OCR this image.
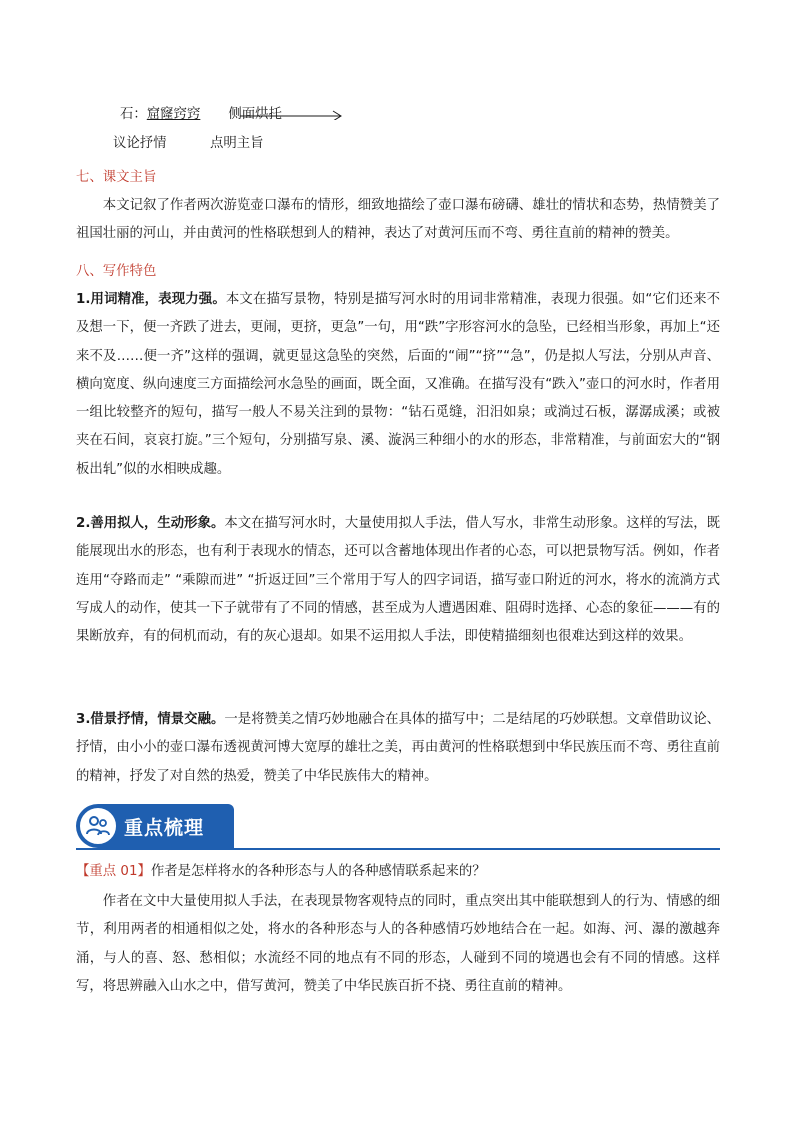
石：窟窿窍窍 侧面烘托
议论抒情	点明主旨
七、课文主旨

本文记叙了作者两次游览壶口瀑布的情形，细致地描绘了壶口瀑布磅礴、雄壮的情状和态势，热情赞美了祖国壮丽的河山，并由黄河的性格联想到人的精神，表达了对黄河压而不弯、勇往直前的精神的赞美。

八、写作特色

1.用词精准，表现力强。本文在描写景物，特别是描写河水时的用词非常精准，表现力很强。如“它们还来不及想一下，便一齐跌了进去，更闹，更挤，更急”一句，用“跌”字形容河水的急坠，已经相当形象，再加上“还来不及……便一齐”这样的强调，就更显这急坠的突然，后面的“闹”“挤”“急”，仍是拟人写法，分别从声音、横向宽度、纵向速度三方面描绘河水急坠的画面，既全面，又准确。在描写没有“跌入”壶口的河水时，作者用一组比较整齐的短句，描写一般人不易关注到的景物：“钻石觅缝，汨汨如泉；或淌过石板，潺潺成溪；或被夹在石间，哀哀打旋。”三个短句，分别描写泉、溪、漩涡三种细小的水的形态，非常精准，与前面宏大的“钢板出轧”似的水相映成趣。

2.善用拟人，生动形象。本文在描写河水时，大量使用拟人手法，借人写水，非常生动形象。这样的写法，既能展现出水的形态，也有利于表现水的情态，还可以含蓄地体现出作者的心态，可以把景物写活。例如，作者连用“夺路而走” “乘隙而进” “折返迂回”三个常用于写人的四字词语，描写壶口附近的河水，将水的流淌方式写成人的动作，使其一下子就带有了不同的情感，甚至成为人遭遇困难、阻碍时选择、心态的象征———有的果断放弃，有的伺机而动，有的灰心退却。如果不运用拟人手法，即使精描细刻也很难达到这样的效果。

3.借景抒情，情景交融。一是将赞美之情巧妙地融合在具体的描写中；二是结尾的巧妙联想。文章借助议论、抒情，由小小的壶口瀑布透视黄河博大宽厚的雄壮之美，再由黄河的性格联想到中华民族压而不弯、勇往直前的精神，抒发了对自然的热爱，赞美了中华民族伟大的精神。

重点梳理
【重点 01】作者是怎样将水的各种形态与人的各种感情联系起来的？

作者在文中大量使用拟人手法，在表现景物客观特点的同时，重点突出其中能联想到人的行为、情感的细节，利用两者的相通相似之处，将水的各种形态与人的各种感情巧妙地结合在一起。如海、河、瀑的激越奔涌，与人的喜、怒、愁相似；水流经不同的地点有不同的形态，人碰到不同的境遇也会有不同的情感。这样写，将思辨融入山水之中，借写黄河，赞美了中华民族百折不挠、勇往直前的精神。
